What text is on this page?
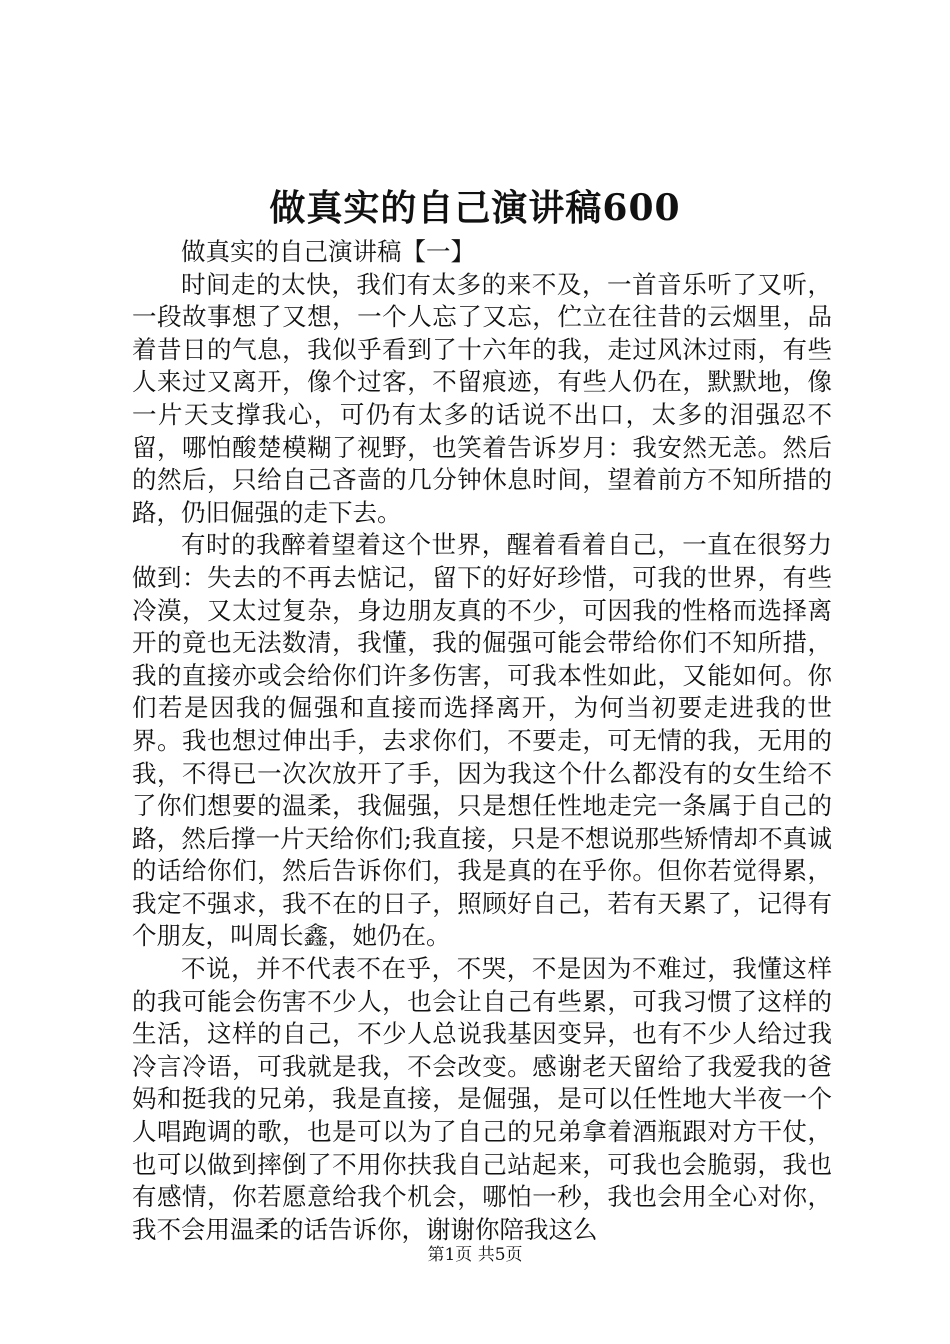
做真实的自己演讲稿600

做真实的自己演讲稿【一】

时间走的太快，我们有太多的来不及，一首音乐听了又听，一段故事想了又想，一个人忘了又忘，伫立在往昔的云烟里，品着昔日的气息，我似乎看到了十六年的我，走过风沐过雨，有些人来过又离开，像个过客，不留痕迹，有些人仍在，默默地，像一片天支撑我心，可仍有太多的话说不出口，太多的泪强忍不留，哪怕酸楚模糊了视野，也笑着告诉岁月：我安然无恙。然后的然后，只给自己吝啬的几分钟休息时间，望着前方不知所措的路，仍旧倔强的走下去。

有时的我醉着望着这个世界，醒着看着自己，一直在很努力做到：失去的不再去惦记，留下的好好珍惜，可我的世界，有些冷漠，又太过复杂，身边朋友真的不少，可因我的性格而选择离开的竟也无法数清，我懂，我的倔强可能会带给你们不知所措，我的直接亦或会给你们许多伤害，可我本性如此，又能如何。你们若是因我的倔强和直接而选择离开，为何当初要走进我的世界。我也想过伸出手，去求你们，不要走，可无情的我，无用的我，不得已一次次放开了手，因为我这个什么都没有的女生给不了你们想要的温柔，我倔强，只是想任性地走完一条属于自己的路，然后撑一片天给你们;我直接，只是不想说那些矫情却不真诚的话给你们，然后告诉你们，我是真的在乎你。但你若觉得累，我定不强求，我不在的日子，照顾好自己，若有天累了，记得有个朋友，叫周长鑫，她仍在。

不说，并不代表不在乎，不哭，不是因为不难过，我懂这样的我可能会伤害不少人，也会让自己有些累，可我习惯了这样的生活，这样的自己，不少人总说我基因变异，也有不少人给过我冷言冷语，可我就是我，不会改变。感谢老天留给了我爱我的爸妈和挺我的兄弟，我是直接，是倔强，是可以任性地大半夜一个人唱跑调的歌，也是可以为了自己的兄弟拿着酒瓶跟对方干仗，也可以做到摔倒了不用你扶我自己站起来，可我也会脆弱，我也有感情，你若愿意给我个机会，哪怕一秒，我也会用全心对你，我不会用温柔的话告诉你，谢谢你陪我这么

第1页 共5页
